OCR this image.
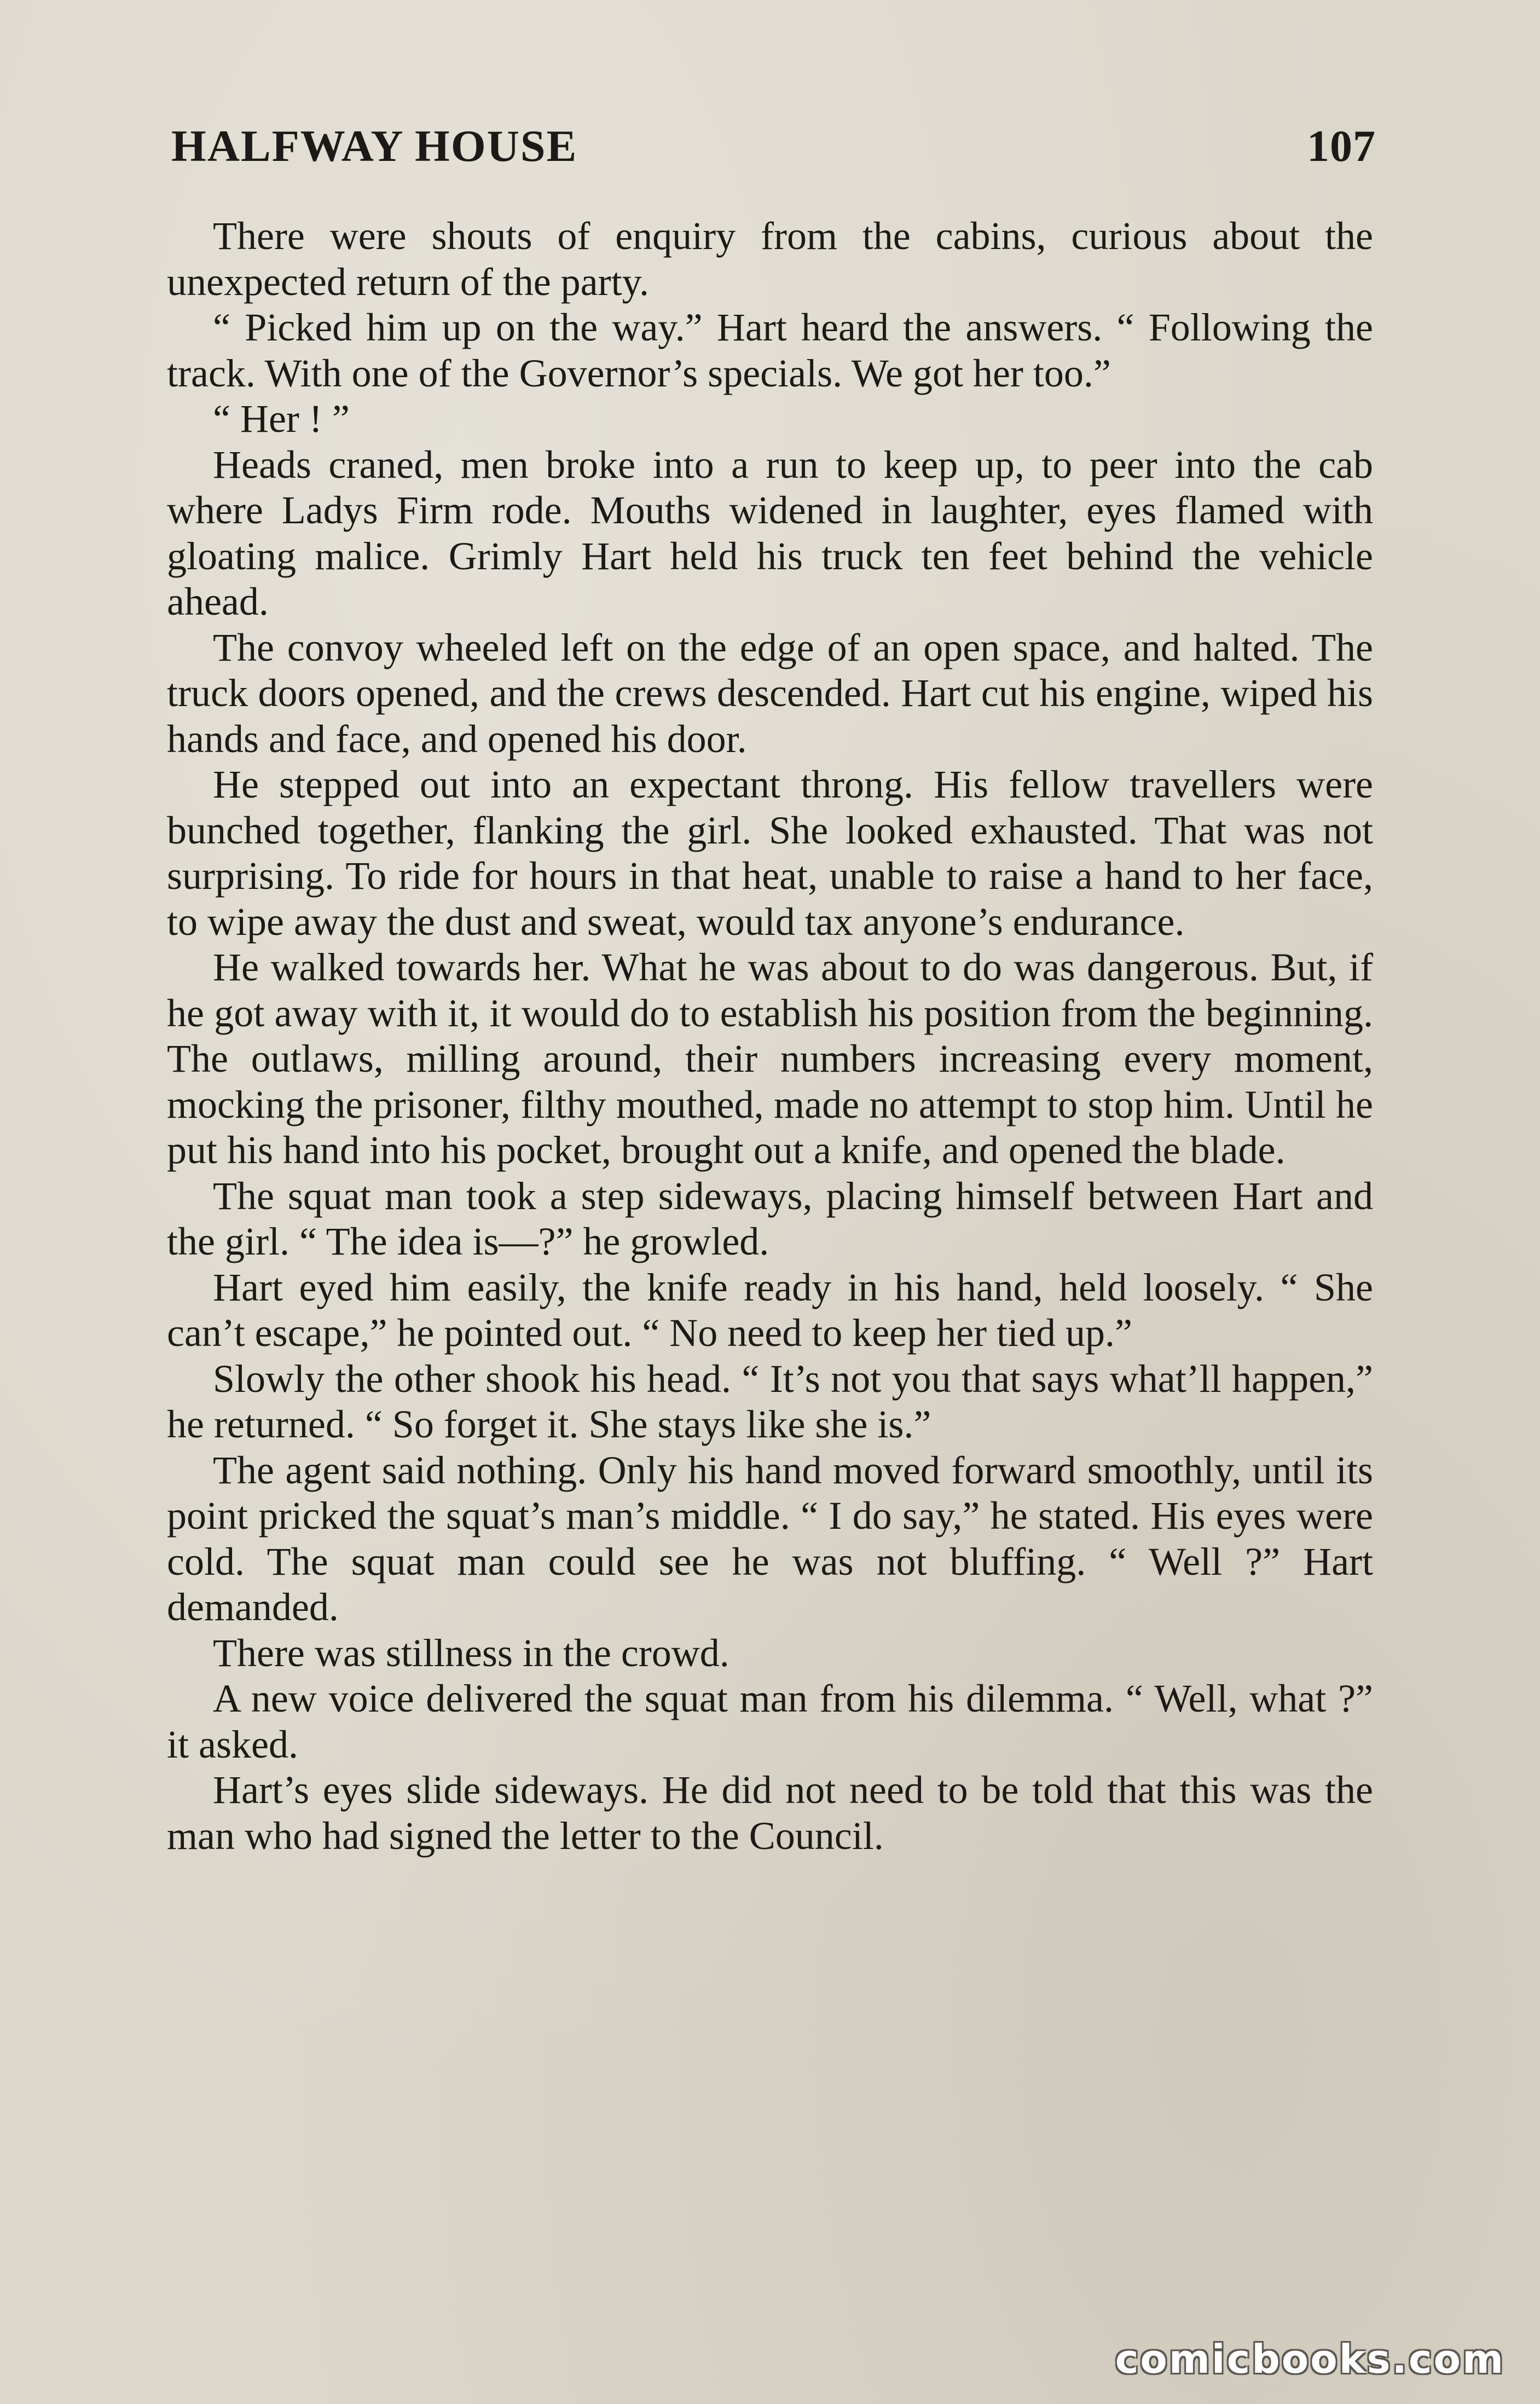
HALFWAY HOUSE	107

There were shouts of enquiry from the cabins, curious about the unexpected return of the party.

“ Picked him up on the way.” Hart heard the answers. “ Following the track. With one of the Governor’s specials. We got her too.”

“ Her ! ”

Heads craned, men broke into a run to keep up, to peer into the cab where Ladys Firm rode. Mouths widened in laughter, eyes flamed with gloating malice. Grimly Hart held his truck ten feet behind the vehicle ahead.

The convoy wheeled left on the edge of an open space, and halted. The truck doors opened, and the crews descended. Hart cut his engine, wiped his hands and face, and opened his door.

He stepped out into an expectant throng. His fellow travellers were bunched together, flanking the girl. She looked exhausted. That was not surprising. To ride for hours in that heat, unable to raise a hand to her face, to wipe away the dust and sweat, would tax anyone’s endurance.

He walked towards her. What he was about to do was dangerous. But, if he got away with it, it would do to establish his position from the beginning. The outlaws, milling around, their numbers increasing every moment, mocking the prisoner, filthy mouthed, made no attempt to stop him. Until he put his hand into his pocket, brought out a knife, and opened the blade.

The squat man took a step sideways, placing himself between Hart and the girl. “ The idea is—?” he growled.

Hart eyed him easily, the knife ready in his hand, held loosely. “ She can’t escape,” he pointed out. “ No need to keep her tied up.”

Slowly the other shook his head. “ It’s not you that says what’ll happen,” he returned. “ So forget it. She stays like she is.”

The agent said nothing. Only his hand moved forward smoothly, until its point pricked the squat’s man’s middle. “ I do say,” he stated. His eyes were cold. The squat man could see he was not bluffing. “ Well ?” Hart demanded.

There was stillness in the crowd.

A new voice delivered the squat man from his dilemma. “ Well, what ?” it asked.

Hart’s eyes slide sideways. He did not need to be told that this was the man who had signed the letter to the Council.

comicbooks.com
